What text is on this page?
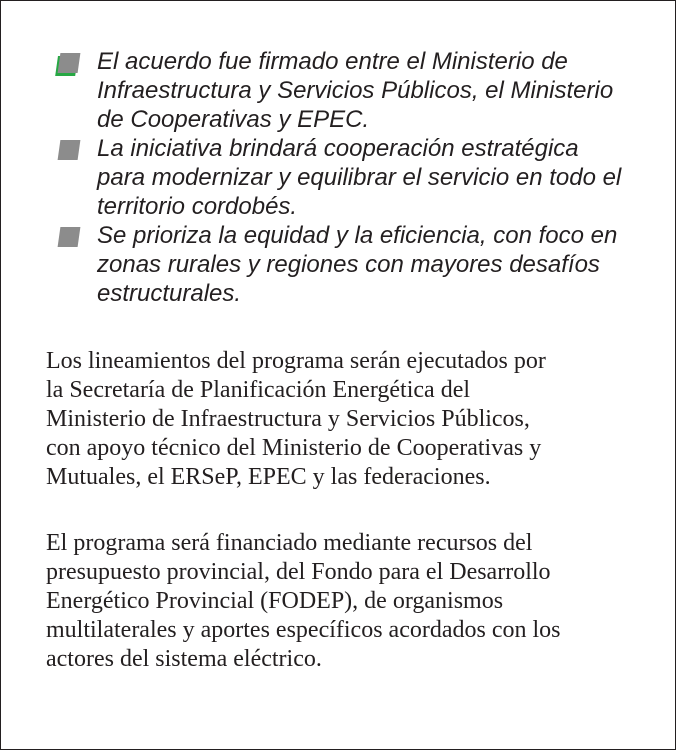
El acuerdo fue firmado entre el Ministerio de
Infraestructura y Servicios Públicos, el Ministerio
de Cooperativas y EPEC.
La iniciativa brindará cooperación estratégica
para modernizar y equilibrar el servicio en todo el
territorio cordobés.
Se prioriza la equidad y la eficiencia, con foco en
zonas rurales y regiones con mayores desafíos
estructurales.

Los lineamientos del programa serán ejecutados por
la Secretaría de Planificación Energética del
Ministerio de Infraestructura y Servicios Públicos,
con apoyo técnico del Ministerio de Cooperativas y
Mutuales, el ERSeP, EPEC y las federaciones.

El programa será financiado mediante recursos del
presupuesto provincial, del Fondo para el Desarrollo
Energético Provincial (FODEP), de organismos
multilaterales y aportes específicos acordados con los
actores del sistema eléctrico.
